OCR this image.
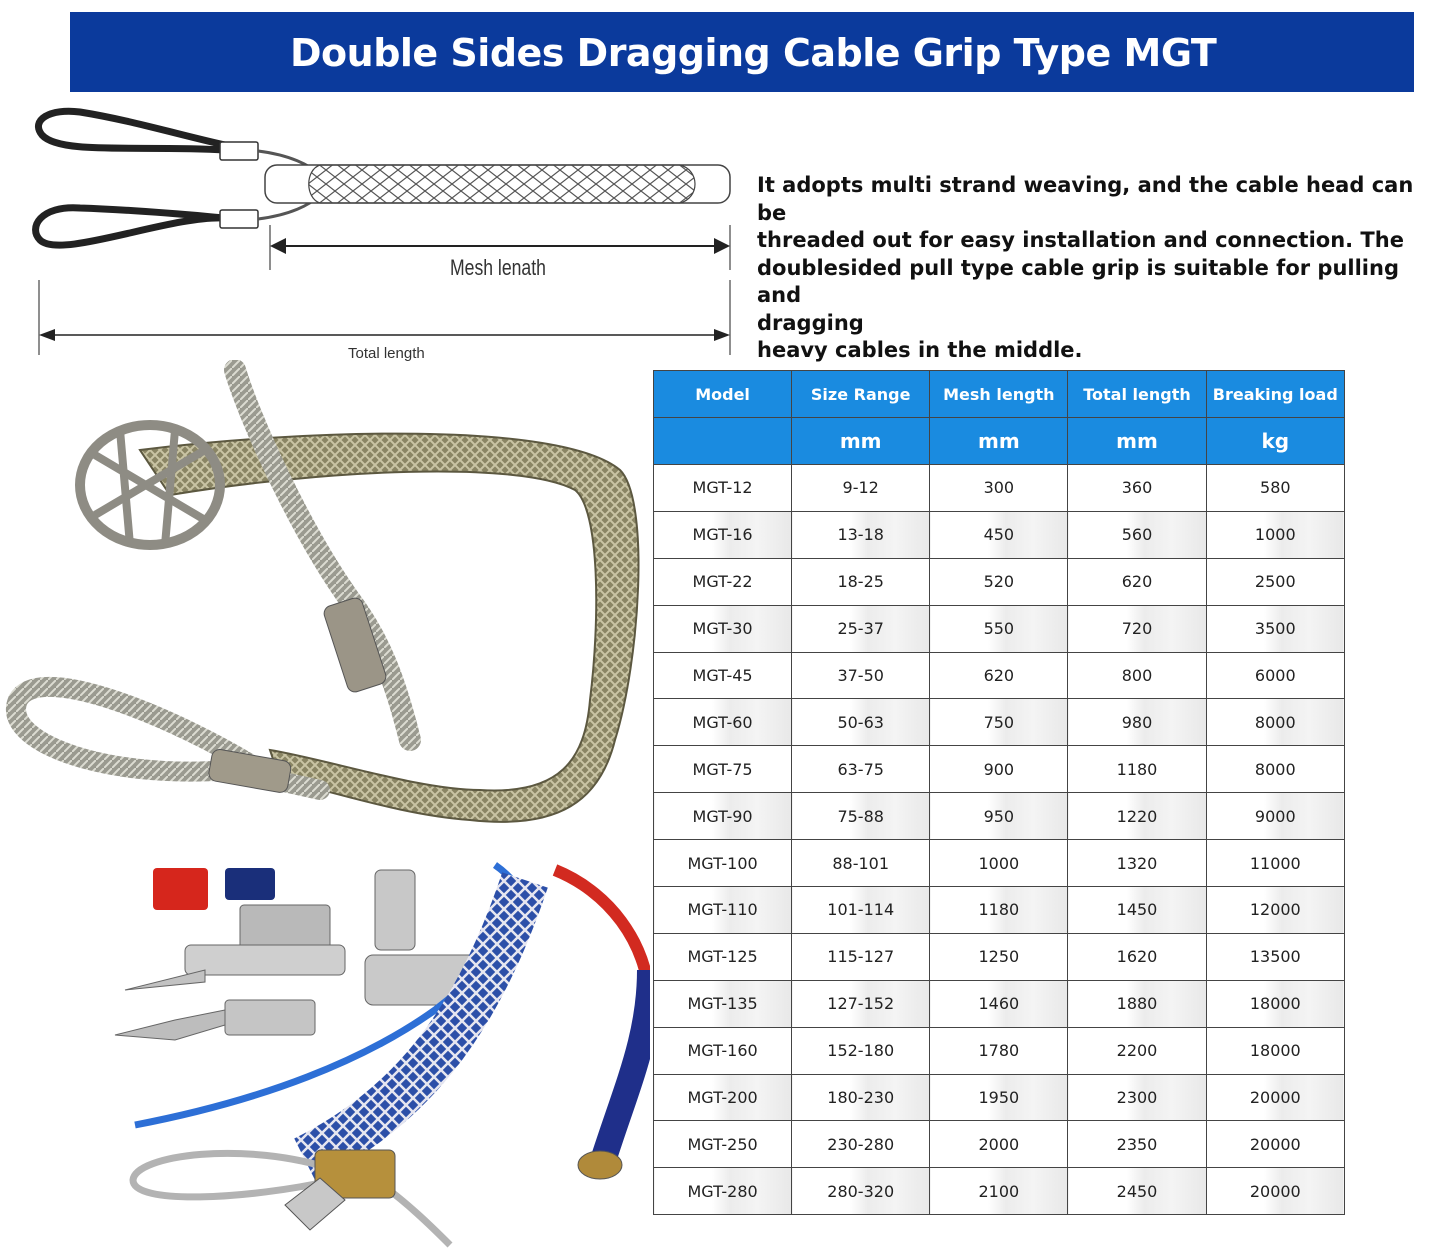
Double Sides Dragging Cable Grip Type MGT
Mesh lenath
Total length

It adopts multi strand weaving, and the cable head can be

threaded out for easy installation and connection. The

doublesided pull type cable grip is suitable for pulling and

dragging

heavy cables in the middle.

Model	Size Range	Mesh length	Total length	Breaking load
	mm	mm	mm	kg
MGT-12	9-12	300	360	580
MGT-16	13-18	450	560	1000
MGT-22	18-25	520	620	2500
MGT-30	25-37	550	720	3500
MGT-45	37-50	620	800	6000
MGT-60	50-63	750	980	8000
MGT-75	63-75	900	1180	8000
MGT-90	75-88	950	1220	9000
MGT-100	88-101	1000	1320	11000
MGT-110	101-114	1180	1450	12000
MGT-125	115-127	1250	1620	13500
MGT-135	127-152	1460	1880	18000
MGT-160	152-180	1780	2200	18000
MGT-200	180-230	1950	2300	20000
MGT-250	230-280	2000	2350	20000
MGT-280	280-320	2100	2450	20000
